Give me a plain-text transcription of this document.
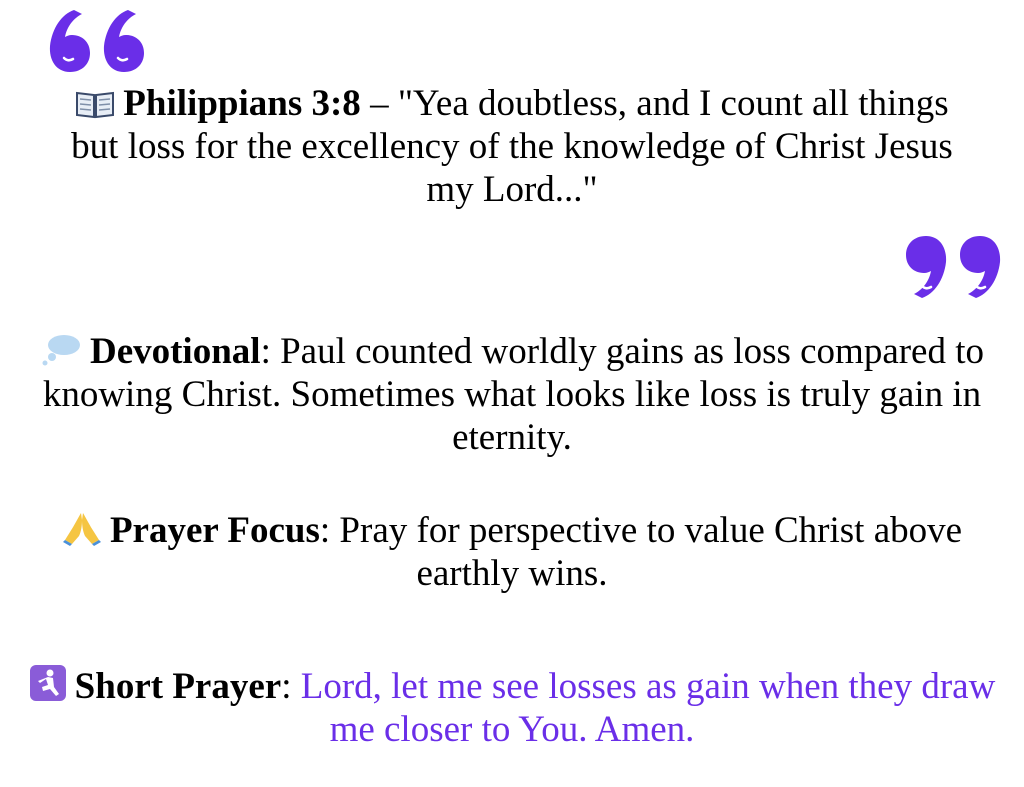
Philippians 3:8 – "Yea doubtless, and I count all things but loss for the excellency of the knowledge of Christ Jesus my Lord..."

Devotional: Paul counted worldly gains as loss compared to knowing Christ. Sometimes what looks like loss is truly gain in eternity.

Prayer Focus: Pray for perspective to value Christ above earthly wins.

Short Prayer: Lord, let me see losses as gain when they draw me closer to You. Amen.
